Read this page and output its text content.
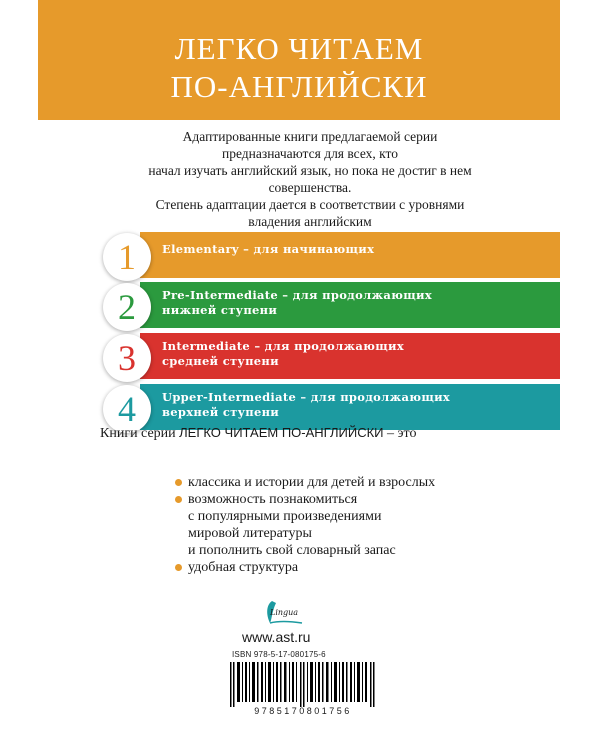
ЛЕГКО ЧИТАЕМ
ПО-АНГЛИЙСКИ
Адаптированные книги предлагаемой серии
предназначаются для всех, кто
начал изучать английский язык, но пока не достиг в нем
совершенства.
Степень адаптации дается в соответствии с уровнями
владения английским
1	Elementary – для начинающих
2	Pre-Intermediate – для продолжающих
нижней ступени
3	Intermediate – для продолжающих
средней ступени
4	Upper-Intermediate – для продолжающих
верхней ступени
Книги серии ЛЕГКО ЧИТАЕМ ПО-АНГЛИЙСКИ – это
классика и истории для детей и взрослых
возможность познакомиться
с популярными произведениями
мировой литературы
и пополнить свой словарный запас
удобная структура
Lingua
www.ast.ru
ISBN 978-5-17-080175-6
9785170801756
